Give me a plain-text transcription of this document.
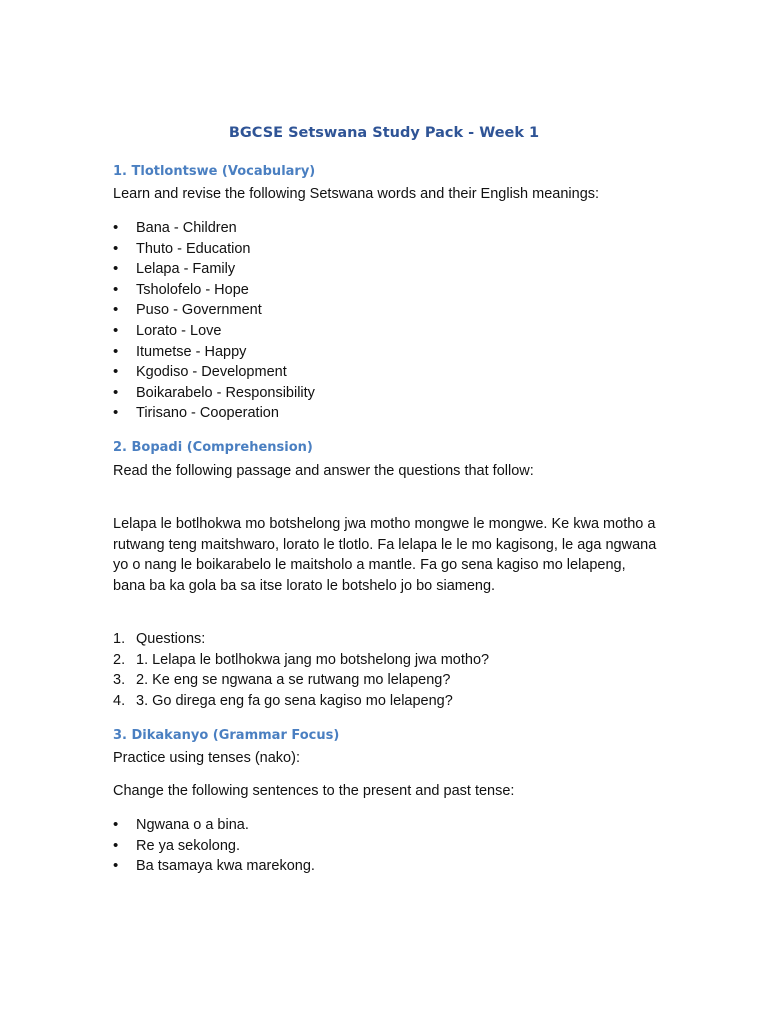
BGCSE Setswana Study Pack - Week 1
1. Tlotlontswe (Vocabulary)

Learn and revise the following Setswana words and their English meanings:

• Bana - Children
• Thuto - Education
• Lelapa - Family
• Tsholofelo - Hope
• Puso - Government
• Lorato - Love
• Itumetse - Happy
• Kgodiso - Development
• Boikarabelo - Responsibility
• Tirisano - Cooperation
2. Bopadi (Comprehension)

Read the following passage and answer the questions that follow:

Lelapa le botlhokwa mo botshelong jwa motho mongwe le mongwe. Ke kwa motho a rutwang teng maitshwaro, lorato le tlotlo. Fa lelapa le le mo kagisong, le aga ngwana yo o nang le boikarabelo le maitsholo a mantle. Fa go sena kagiso mo lelapeng, bana ba ka gola ba sa itse lorato le botshelo jo bo siameng.

1. Questions:
2. 1. Lelapa le botlhokwa jang mo botshelong jwa motho?
3. 2. Ke eng se ngwana a se rutwang mo lelapeng?
4. 3. Go direga eng fa go sena kagiso mo lelapeng?
3. Dikakanyo (Grammar Focus)

Practice using tenses (nako):

Change the following sentences to the present and past tense:

• Ngwana o a bina.
• Re ya sekolong.
• Ba tsamaya kwa marekong.
